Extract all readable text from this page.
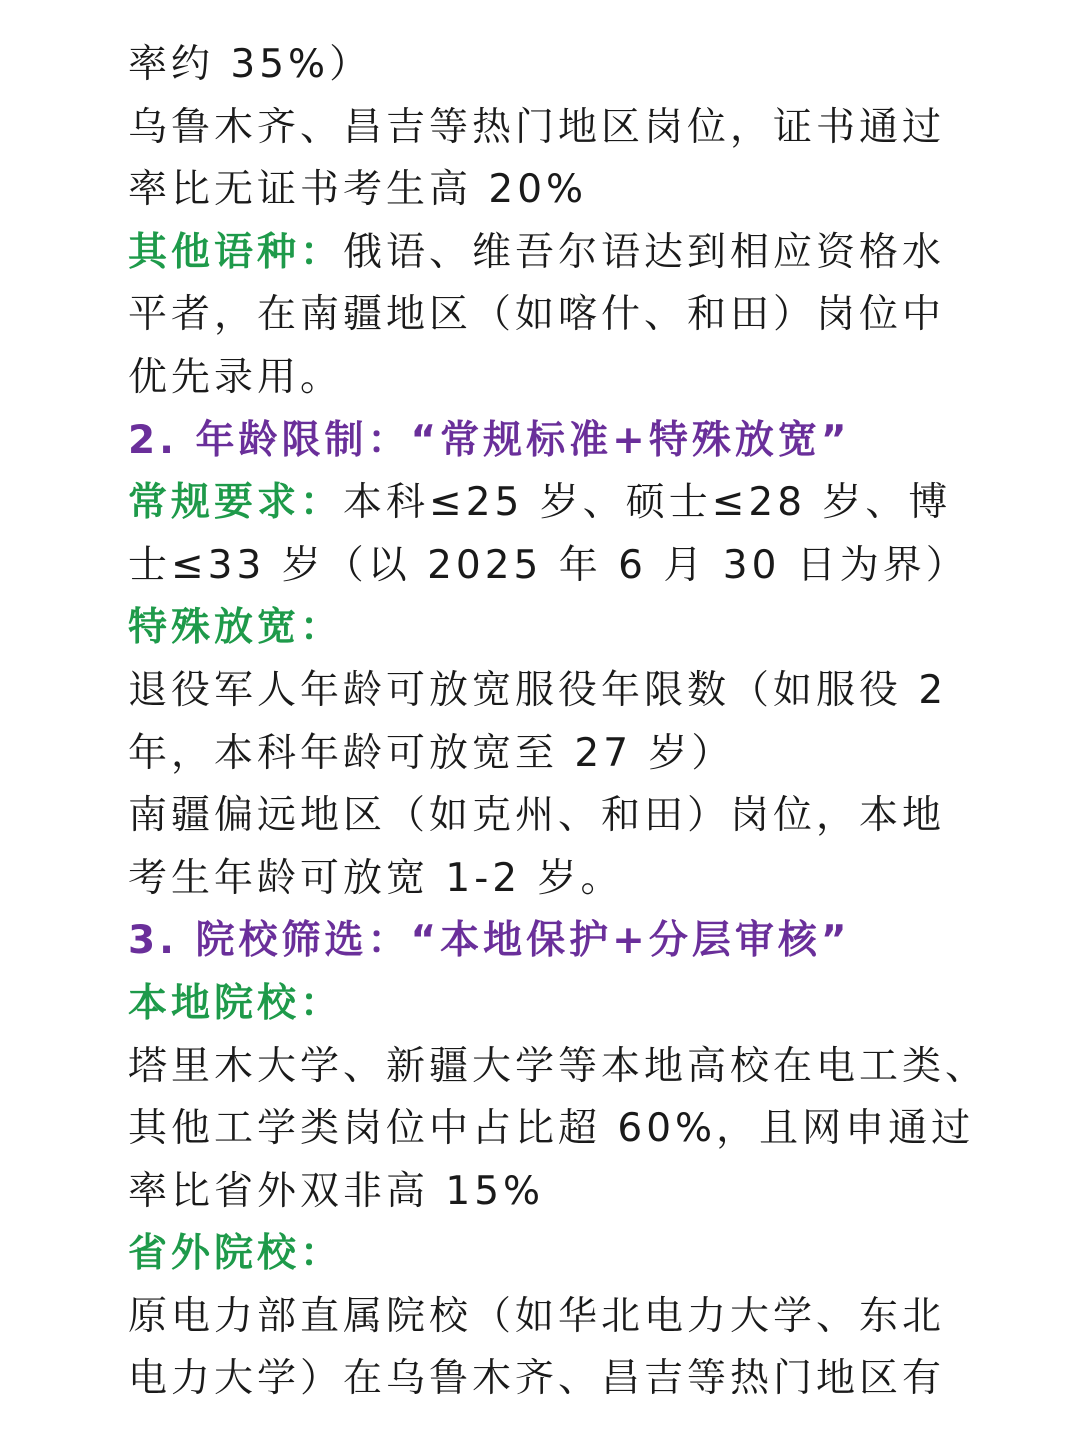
率约 35%）
乌鲁木齐、昌吉等热门地区岗位，证书通过
率比无证书考生高 20%
其他语种：俄语、维吾尔语达到相应资格水
平者，在南疆地区（如喀什、和田）岗位中
优先录用。
2. 年龄限制：“常规标准+特殊放宽”
常规要求：本科≤25 岁、硕士≤28 岁、博
士≤33 岁（以 2025 年 6 月 30 日为界）
特殊放宽：
退役军人年龄可放宽服役年限数（如服役 2
年，本科年龄可放宽至 27 岁）
南疆偏远地区（如克州、和田）岗位，本地
考生年龄可放宽 1-2 岁。
3. 院校筛选：“本地保护+分层审核”
本地院校：
塔里木大学、新疆大学等本地高校在电工类、
其他工学类岗位中占比超 60%，且网申通过
率比省外双非高 15%
省外院校：
原电力部直属院校（如华北电力大学、东北
电力大学）在乌鲁木齐、昌吉等热门地区有
